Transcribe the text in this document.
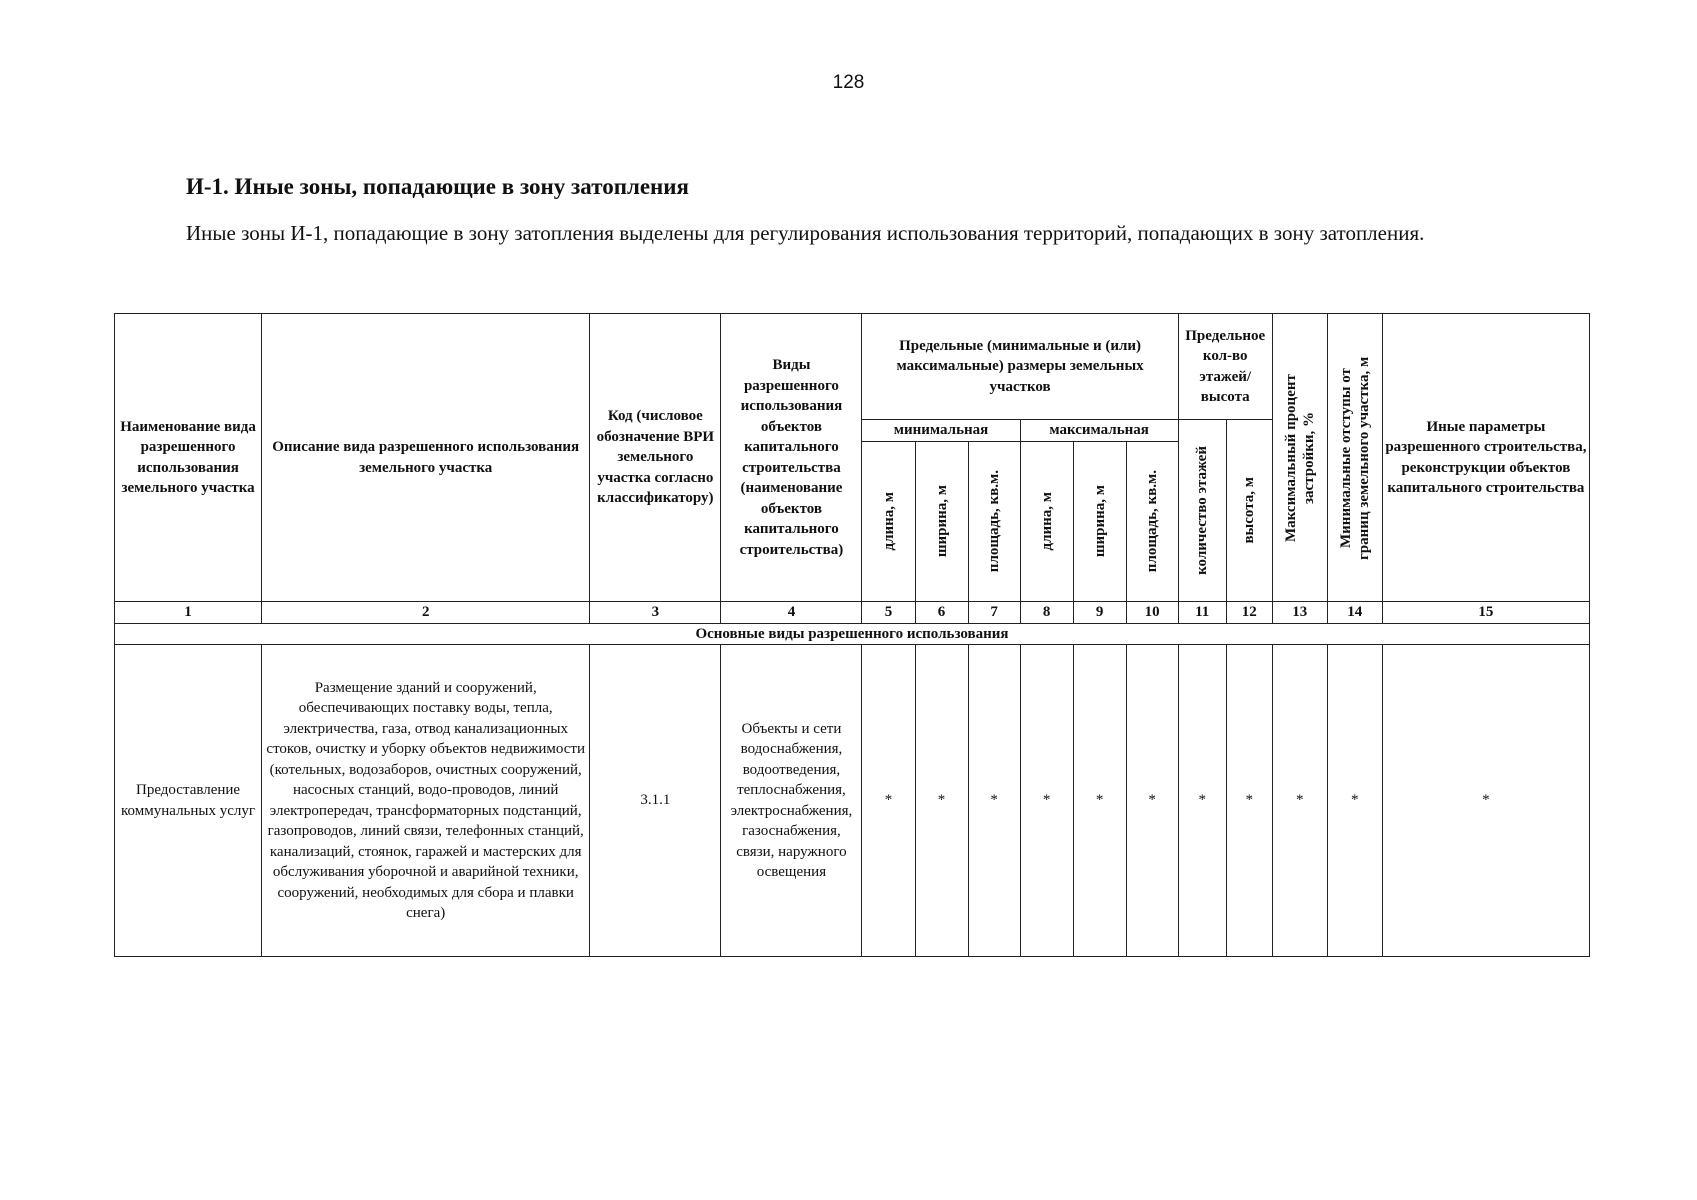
128
И-1. Иные зоны, попадающие в зону затопления
Иные зоны И-1, попадающие в зону затопления выделены для регулирования использования территорий, попадающих в зону затопления.
Наименование вида разрешенного использования земельного участка	Описание вида разрешенного использования земельного участка	Код (числовое обозначение ВРИ земельного участка согласно классификатору)	Виды разрешенного использования объектов капитального строительства (наименование объектов капитального строительства)	Предельные (минимальные и (или) максимальные) размеры земельных участков						Предельное кол-во этажей/ высота		Максимальный процент застройки, %	Минимальные отступы от границ земельного участка, м	Иные параметры разрешенного строительства, реконструкции объектов капитального строительства
				минимальная			максимальная			количество этажей	высота, м			

				длина, м	ширина, м	площадь, кв.м.	длина, м	ширина, м	площадь, кв.м.					

1	2	3	4	5	6	7	8	9	10	11	12	13	14	15
Основные виды разрешенного использования														
Предоставление коммунальных услуг	Размещение зданий и сооружений, обеспечивающих поставку воды, тепла, электричества, газа, отвод канализационных стоков, очистку и уборку объектов недвижимости (котельных, водозаборов, очистных сооружений, насосных станций, водо-проводов, линий электропередач, трансформаторных подстанций, газопроводов, линий связи, телефонных станций, канализаций, стоянок, гаражей и мастерских для обслуживания уборочной и аварийной техники, сооружений, необходимых для сбора и плавки снега)	3.1.1	Объекты и сети водоснабжения, водоотведения, теплоснабжения, электроснабжения, газоснабжения, связи, наружного освещения	*	*	*	*	*	*	*	*	*	*	*
